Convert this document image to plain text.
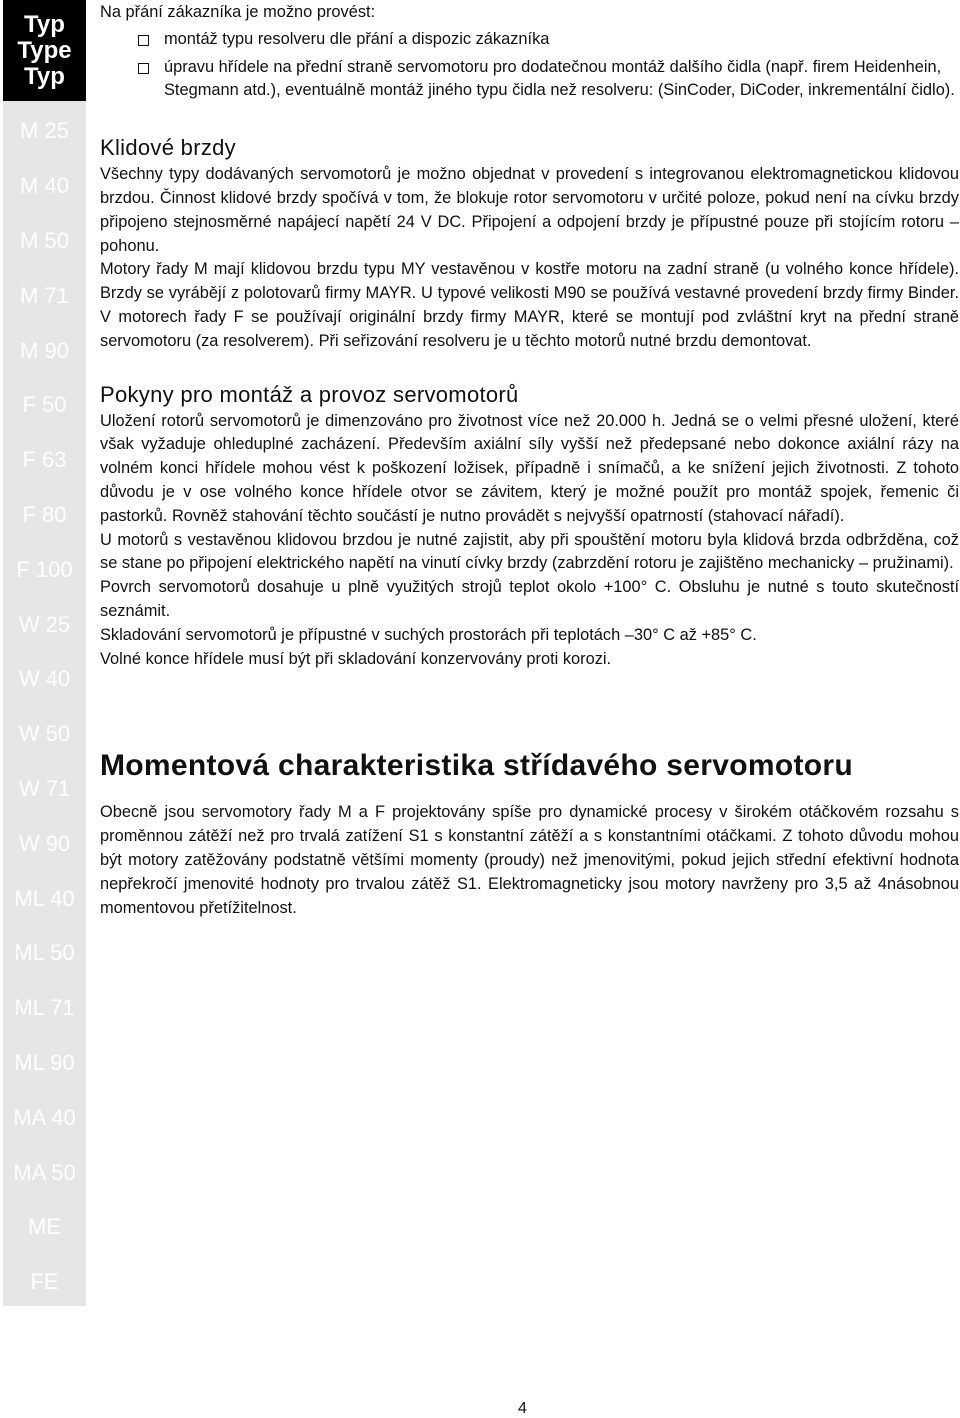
Typ
Type
Typ
M 25
M 40
M 50
M 71
M 90
F 50
F 63
F 80
F 100
W 25
W 40
W 50
W 71
W 90
ML 40
ML 50
ML 71
ML 90
MA 40
MA 50
ME
FE

Na přání zákazníka je možno provést:

montáž typu resolveru dle přání a dispozic zákazníka
úpravu hřídele na přední straně servomotoru pro dodatečnou montáž dalšího čidla (např. firem Heidenhein, Stegmann atd.), eventuálně montáž jiného typu čidla než resolveru: (SinCoder, DiCoder, inkrementální čidlo).
Klidové brzdy

Všechny typy dodávaných servomotorů je možno objednat v provedení s integrovanou elektromagnetickou klidovou brzdou. Činnost klidové brzdy spočívá v tom, že blokuje rotor servomotoru v určité poloze, pokud není na cívku brzdy připojeno stejnosměrné napájecí napětí 24 V DC. Připojení a odpojení brzdy je přípustné pouze při stojícím rotoru – pohonu.

Motory řady M mají klidovou brzdu typu MY vestavěnou v kostře motoru na zadní straně (u volného konce hřídele). Brzdy se vyrábějí z polotovarů firmy MAYR. U typové velikosti M90 se používá vestavné provedení brzdy firmy Binder. V motorech řady F se používají originální brzdy firmy MAYR, které se montují pod zvláštní kryt na přední straně servomotoru (za resolverem). Při seřizování resolveru je u těchto motorů nutné brzdu demontovat.

Pokyny pro montáž a provoz servomotorů

Uložení rotorů servomotorů je dimenzováno pro životnost více než 20.000 h. Jedná se o velmi přesné uložení, které však vyžaduje ohleduplné zacházení. Především axiální síly vyšší než předepsané nebo dokonce axiální rázy na volném konci hřídele mohou vést k poškození ložisek, případně i snímačů, a ke snížení jejich životnosti. Z tohoto důvodu je v ose volného konce hřídele otvor se závitem, který je možné použít pro montáž spojek, řemenic či pastorků. Rovněž stahování těchto součástí je nutno provádět s nejvyšší opatrností (stahovací nářadí).

U motorů s vestavěnou klidovou brzdou je nutné zajistit, aby při spouštění motoru byla klidová brzda odbržděna, což se stane po připojení elektrického napětí na vinutí cívky brzdy (zabrzdění rotoru je zajištěno mechanicky – pružinami).

Povrch servomotorů dosahuje u plně využitých strojů teplot okolo +100° C. Obsluhu je nutné s touto skutečností seznámit.

Skladování servomotorů je přípustné v suchých prostorách při teplotách –30° C až +85° C.

Volné konce hřídele musí být při skladování konzervovány proti korozi.

Momentová charakteristika střídavého servomotoru

Obecně jsou servomotory řady M a F projektovány spíše pro dynamické procesy v širokém otáčkovém rozsahu s proměnnou zátěží než pro trvalá zatížení S1 s konstantní zátěží a s konstantními otáčkami. Z tohoto důvodu mohou být motory zatěžovány podstatně většími momenty (proudy) než jmenovitými, pokud jejich střední efektivní hodnota nepřekročí jmenovité hodnoty pro trvalou zátěž S1. Elektromagneticky jsou motory navrženy pro 3,5 až 4násobnou momentovou přetížitelnost.

4
